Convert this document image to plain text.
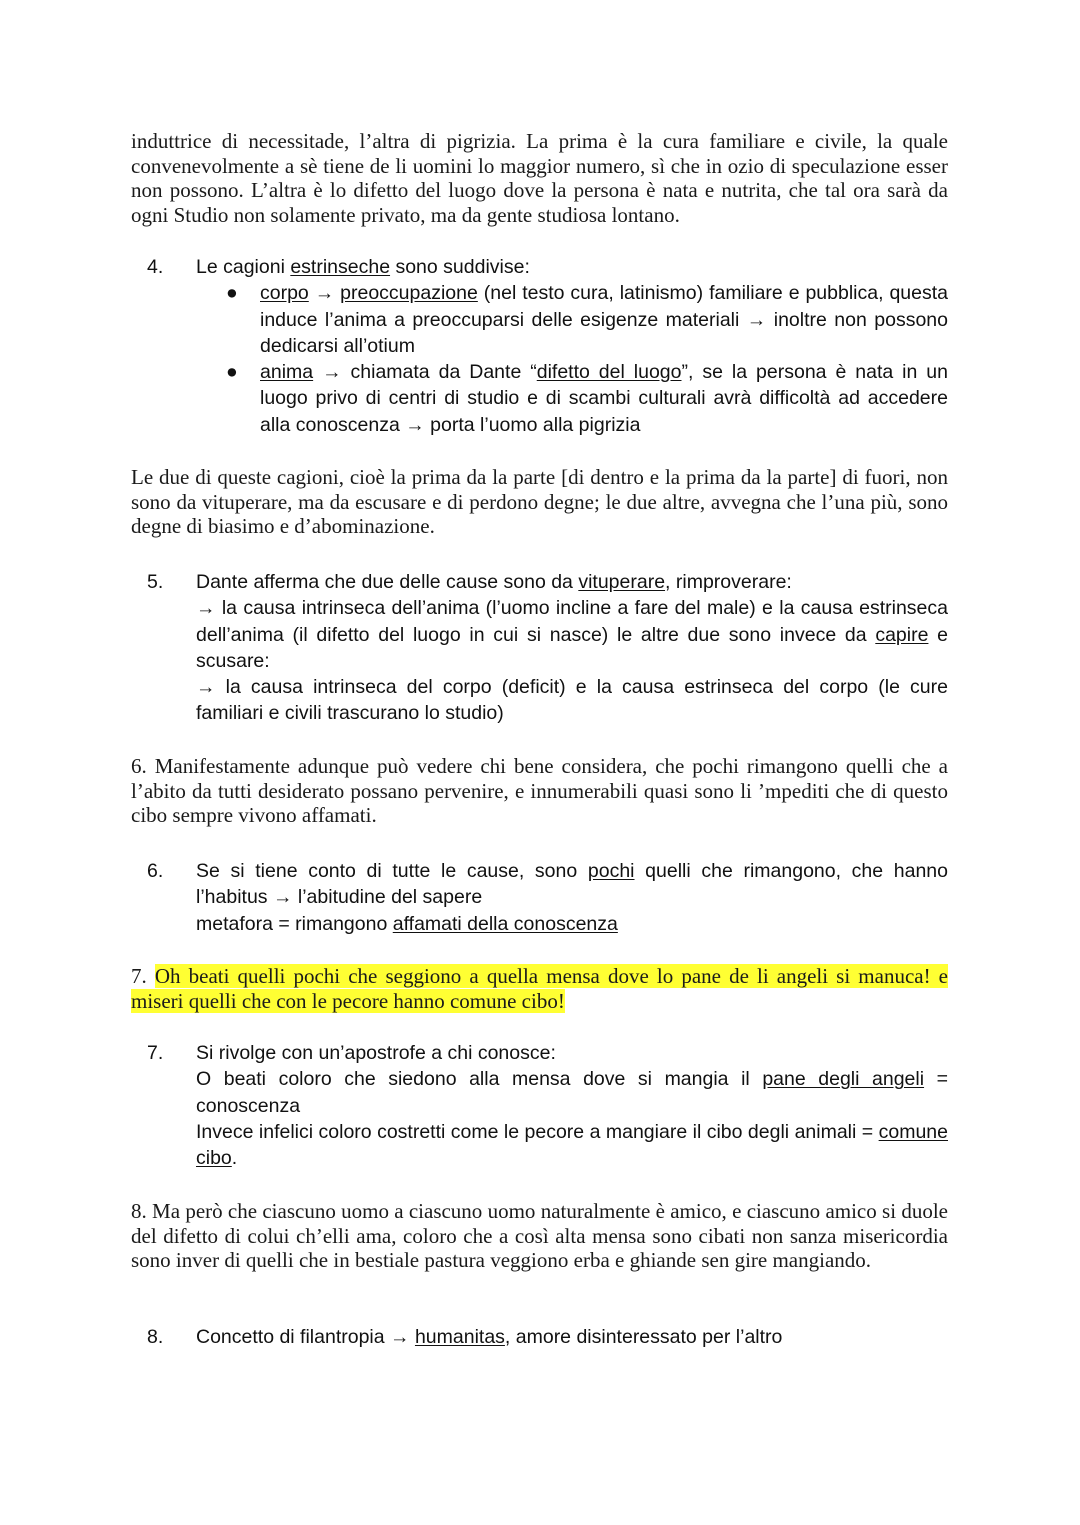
induttrice di necessitade, l’altra di pigrizia. La prima è la cura familiare e civile, la quale convenevolmente a sè tiene de li uomini lo maggior numero, sì che in ozio di speculazione esser non possono. L’altra è lo difetto del luogo dove la persona è nata e nutrita, che tal ora sarà da ogni Studio non solamente privato, ma da gente studiosa lontano.

4. Le cagioni estrinseche sono suddivise:
● corpo → preoccupazione (nel testo cura, latinismo) familiare e pubblica, questa induce l’anima a preoccuparsi delle esigenze materiali → inoltre non possono dedicarsi all’otium
● anima → chiamata da Dante “difetto del luogo”, se la persona è nata in un luogo privo di centri di studio e di scambi culturali avrà difficoltà ad accedere alla conoscenza → porta l’uomo alla pigrizia

Le due di queste cagioni, cioè la prima da la parte [di dentro e la prima da la parte] di fuori, non sono da vituperare, ma da escusare e di perdono degne; le due altre, avvegna che l’una più, sono degne di biasimo e d’abominazione.

5. Dante afferma che due delle cause sono da vituperare, rimproverare:
→ la causa intrinseca dell’anima (l’uomo incline a fare del male) e la causa estrinseca dell’anima (il difetto del luogo in cui si nasce) le altre due sono invece da capire e scusare:
→ la causa intrinseca del corpo (deficit) e la causa estrinseca del corpo (le cure familiari e civili trascurano lo studio)

6. Manifestamente adunque può vedere chi bene considera, che pochi rimangono quelli che a l’abito da tutti desiderato possano pervenire, e innumerabili quasi sono li ’mpediti che di questo cibo sempre vivono affamati.

6. Se si tiene conto di tutte le cause, sono pochi quelli che rimangono, che hanno l’habitus → l’abitudine del sapere
metafora = rimangono affamati della conoscenza

7. Oh beati quelli pochi che seggiono a quella mensa dove lo pane de li angeli si manuca! e miseri quelli che con le pecore hanno comune cibo!

7. Si rivolge con un’apostrofe a chi conosce:
O beati coloro che siedono alla mensa dove si mangia il pane degli angeli = conoscenza
Invece infelici coloro costretti come le pecore a mangiare il cibo degli animali = comune cibo.

8. Ma però che ciascuno uomo a ciascuno uomo naturalmente è amico, e ciascuno amico si duole del difetto di colui ch’elli ama, coloro che a così alta mensa sono cibati non sanza misericordia sono inver di quelli che in bestiale pastura veggiono erba e ghiande sen gire mangiando.

8. Concetto di filantropia → humanitas, amore disinteressato per l’altro
